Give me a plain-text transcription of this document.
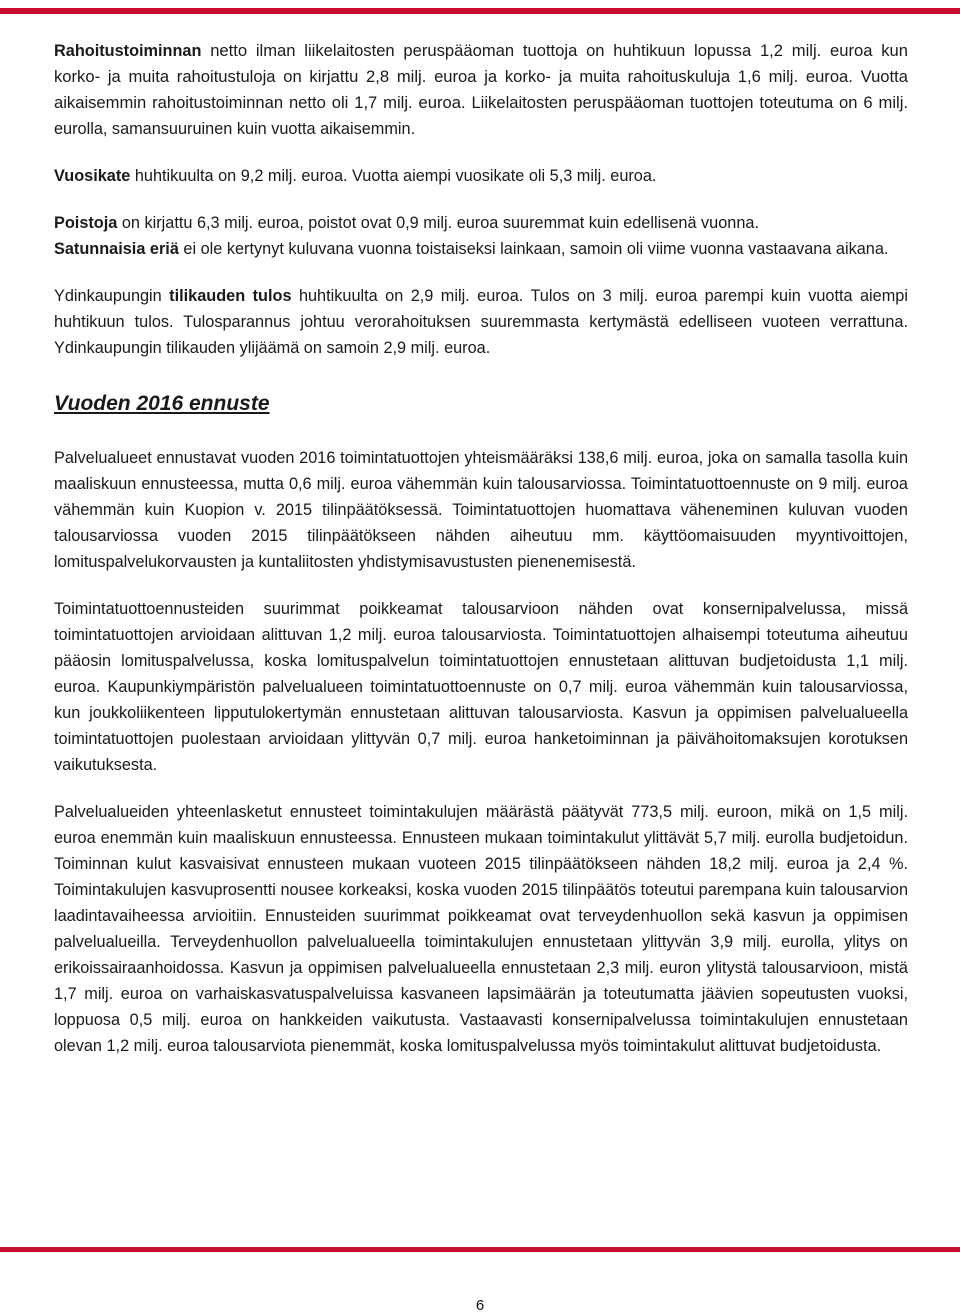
Rahoitustoiminnan netto ilman liikelaitosten peruspääoman tuottoja on huhtikuun lopussa 1,2 milj. euroa kun korko- ja muita rahoitustuloja on kirjattu 2,8 milj. euroa ja korko- ja muita rahoituskuluja 1,6 milj. euroa. Vuotta aikaisemmin rahoitustoiminnan netto oli 1,7 milj. euroa. Liikelaitosten peruspääoman tuottojen toteutuma on 6 milj. eurolla, samansuuruinen kuin vuotta aikaisemmin.

Vuosikate huhtikuulta on 9,2 milj. euroa. Vuotta aiempi vuosikate oli 5,3 milj. euroa.

Poistoja on kirjattu 6,3 milj. euroa, poistot ovat 0,9 milj. euroa suuremmat kuin edellisenä vuonna.

Satunnaisia eriä ei ole kertynyt kuluvana vuonna toistaiseksi lainkaan, samoin oli viime vuonna vastaavana aikana.

Ydinkaupungin tilikauden tulos huhtikuulta on 2,9 milj. euroa. Tulos on 3 milj. euroa parempi kuin vuotta aiempi huhtikuun tulos. Tulosparannus johtuu verorahoituksen suuremmasta kertymästä edelliseen vuoteen verrattuna. Ydinkaupungin tilikauden ylijäämä on samoin 2,9 milj. euroa.

Vuoden 2016 ennuste

Palvelualueet ennustavat vuoden 2016 toimintatuottojen yhteismääräksi 138,6 milj. euroa, joka on samalla tasolla kuin maaliskuun ennusteessa, mutta 0,6 milj. euroa vähemmän kuin talousarviossa. Toimintatuottoennuste on 9 milj. euroa vähemmän kuin Kuopion v. 2015 tilinpäätöksessä. Toimintatuottojen huomattava väheneminen kuluvan vuoden talousarviossa vuoden 2015 tilinpäätökseen nähden aiheutuu mm. käyttöomaisuuden myyntivoittojen, lomituspalvelukorvausten ja kuntaliitosten yhdistymisavustusten pienenemisestä.

Toimintatuottoennusteiden suurimmat poikkeamat talousarvioon nähden ovat konsernipalvelussa, missä toimintatuottojen arvioidaan alittuvan 1,2 milj. euroa talousarviosta. Toimintatuottojen alhaisempi toteutuma aiheutuu pääosin lomituspalvelussa, koska lomituspalvelun toimintatuottojen ennustetaan alittuvan budjetoidusta 1,1 milj. euroa. Kaupunkiympäristön palvelualueen toimintatuottoennuste on 0,7 milj. euroa vähemmän kuin talousarviossa, kun joukkoliikenteen lipputulokertymän ennustetaan alittuvan talousarviosta. Kasvun ja oppimisen palvelualueella toimintatuottojen puolestaan arvioidaan ylittyvän 0,7 milj. euroa hanketoiminnan ja päivähoitomaksujen korotuksen vaikutuksesta.

Palvelualueiden yhteenlasketut ennusteet toimintakulujen määrästä päätyvät 773,5 milj. euroon, mikä on 1,5 milj. euroa enemmän kuin maaliskuun ennusteessa. Ennusteen mukaan toimintakulut ylittävät 5,7 milj. eurolla budjetoidun. Toiminnan kulut kasvaisivat ennusteen mukaan vuoteen 2015 tilinpäätökseen nähden 18,2 milj. euroa ja 2,4 %. Toimintakulujen kasvuprosentti nousee korkeaksi, koska vuoden 2015 tilinpäätös toteutui parempana kuin talousarvion laadintavaiheessa arvioitiin. Ennusteiden suurimmat poikkeamat ovat terveydenhuollon sekä kasvun ja oppimisen palvelualueilla. Terveydenhuollon palvelualueella toimintakulujen ennustetaan ylittyvän 3,9 milj. eurolla, ylitys on erikoissairaanhoidossa. Kasvun ja oppimisen palvelualueella ennustetaan 2,3 milj. euron ylitystä talousarvioon, mistä 1,7 milj. euroa on varhaiskasvatuspalveluissa kasvaneen lapsimäärän ja toteutumatta jäävien sopeutusten vuoksi, loppuosa 0,5 milj. euroa on hankkeiden vaikutusta. Vastaavasti konsernipalvelussa toimintakulujen ennustetaan olevan 1,2 milj. euroa talousarviota pienemmät, koska lomituspalvelussa myös toimintakulut alittuvat budjetoidusta.

6
